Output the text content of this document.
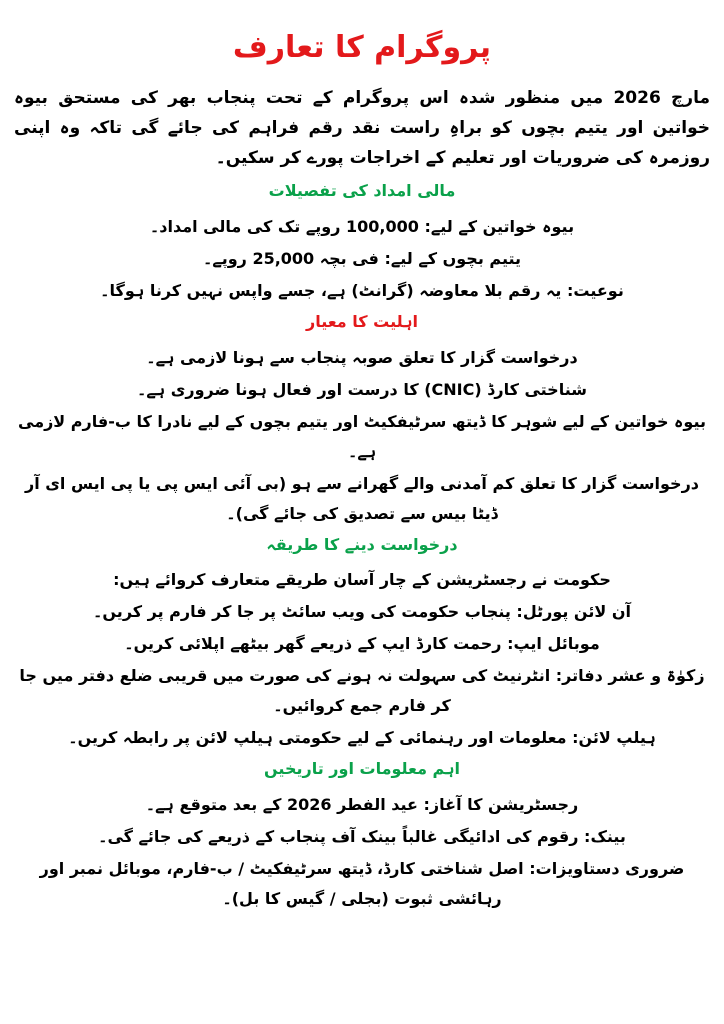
پروگرام کا تعارف

مارچ 2026 میں منظور شدہ اس پروگرام کے تحت پنجاب بھر کی مستحق بیوہ خواتین اور یتیم بچوں کو براہِ راست نقد رقم فراہم کی جائے گی تاکہ وہ اپنی روزمرہ کی ضروریات اور تعلیم کے اخراجات پورے کر سکیں۔

مالی امداد کی تفصیلات
بیوہ خواتین کے لیے: 100,000 روپے تک کی مالی امداد۔
یتیم بچوں کے لیے: فی بچہ 25,000 روپے۔
نوعیت: یہ رقم بلا معاوضہ (گرانٹ) ہے، جسے واپس نہیں کرنا ہوگا۔
اہلیت کا معیار
درخواست گزار کا تعلق صوبہ پنجاب سے ہونا لازمی ہے۔
شناختی کارڈ (CNIC) کا درست اور فعال ہونا ضروری ہے۔
بیوہ خواتین کے لیے شوہر کا ڈیتھ سرٹیفکیٹ اور یتیم بچوں کے لیے نادرا کا ب-فارم لازمی ہے۔
درخواست گزار کا تعلق کم آمدنی والے گھرانے سے ہو (بی آئی ایس پی یا پی ایس ای آر ڈیٹا بیس سے تصدیق کی جائے گی)۔
درخواست دینے کا طریقہ
حکومت نے رجسٹریشن کے چار آسان طریقے متعارف کروائے ہیں:
آن لائن پورٹل: پنجاب حکومت کی ویب سائٹ پر جا کر فارم پر کریں۔
موبائل ایپ: رحمت کارڈ ایپ کے ذریعے گھر بیٹھے اپلائی کریں۔
زکوٰۃ و عشر دفاتر: انٹرنیٹ کی سہولت نہ ہونے کی صورت میں قریبی ضلع دفتر میں جا کر فارم جمع کروائیں۔
ہیلپ لائن: معلومات اور رہنمائی کے لیے حکومتی ہیلپ لائن پر رابطہ کریں۔
اہم معلومات اور تاریخیں
رجسٹریشن کا آغاز: عید الفطر 2026 کے بعد متوقع ہے۔
بینک: رقوم کی ادائیگی غالباً بینک آف پنجاب کے ذریعے کی جائے گی۔
ضروری دستاویزات: اصل شناختی کارڈ، ڈیتھ سرٹیفکیٹ / ب-فارم، موبائل نمبر اور رہائشی ثبوت (بجلی / گیس کا بل)۔
